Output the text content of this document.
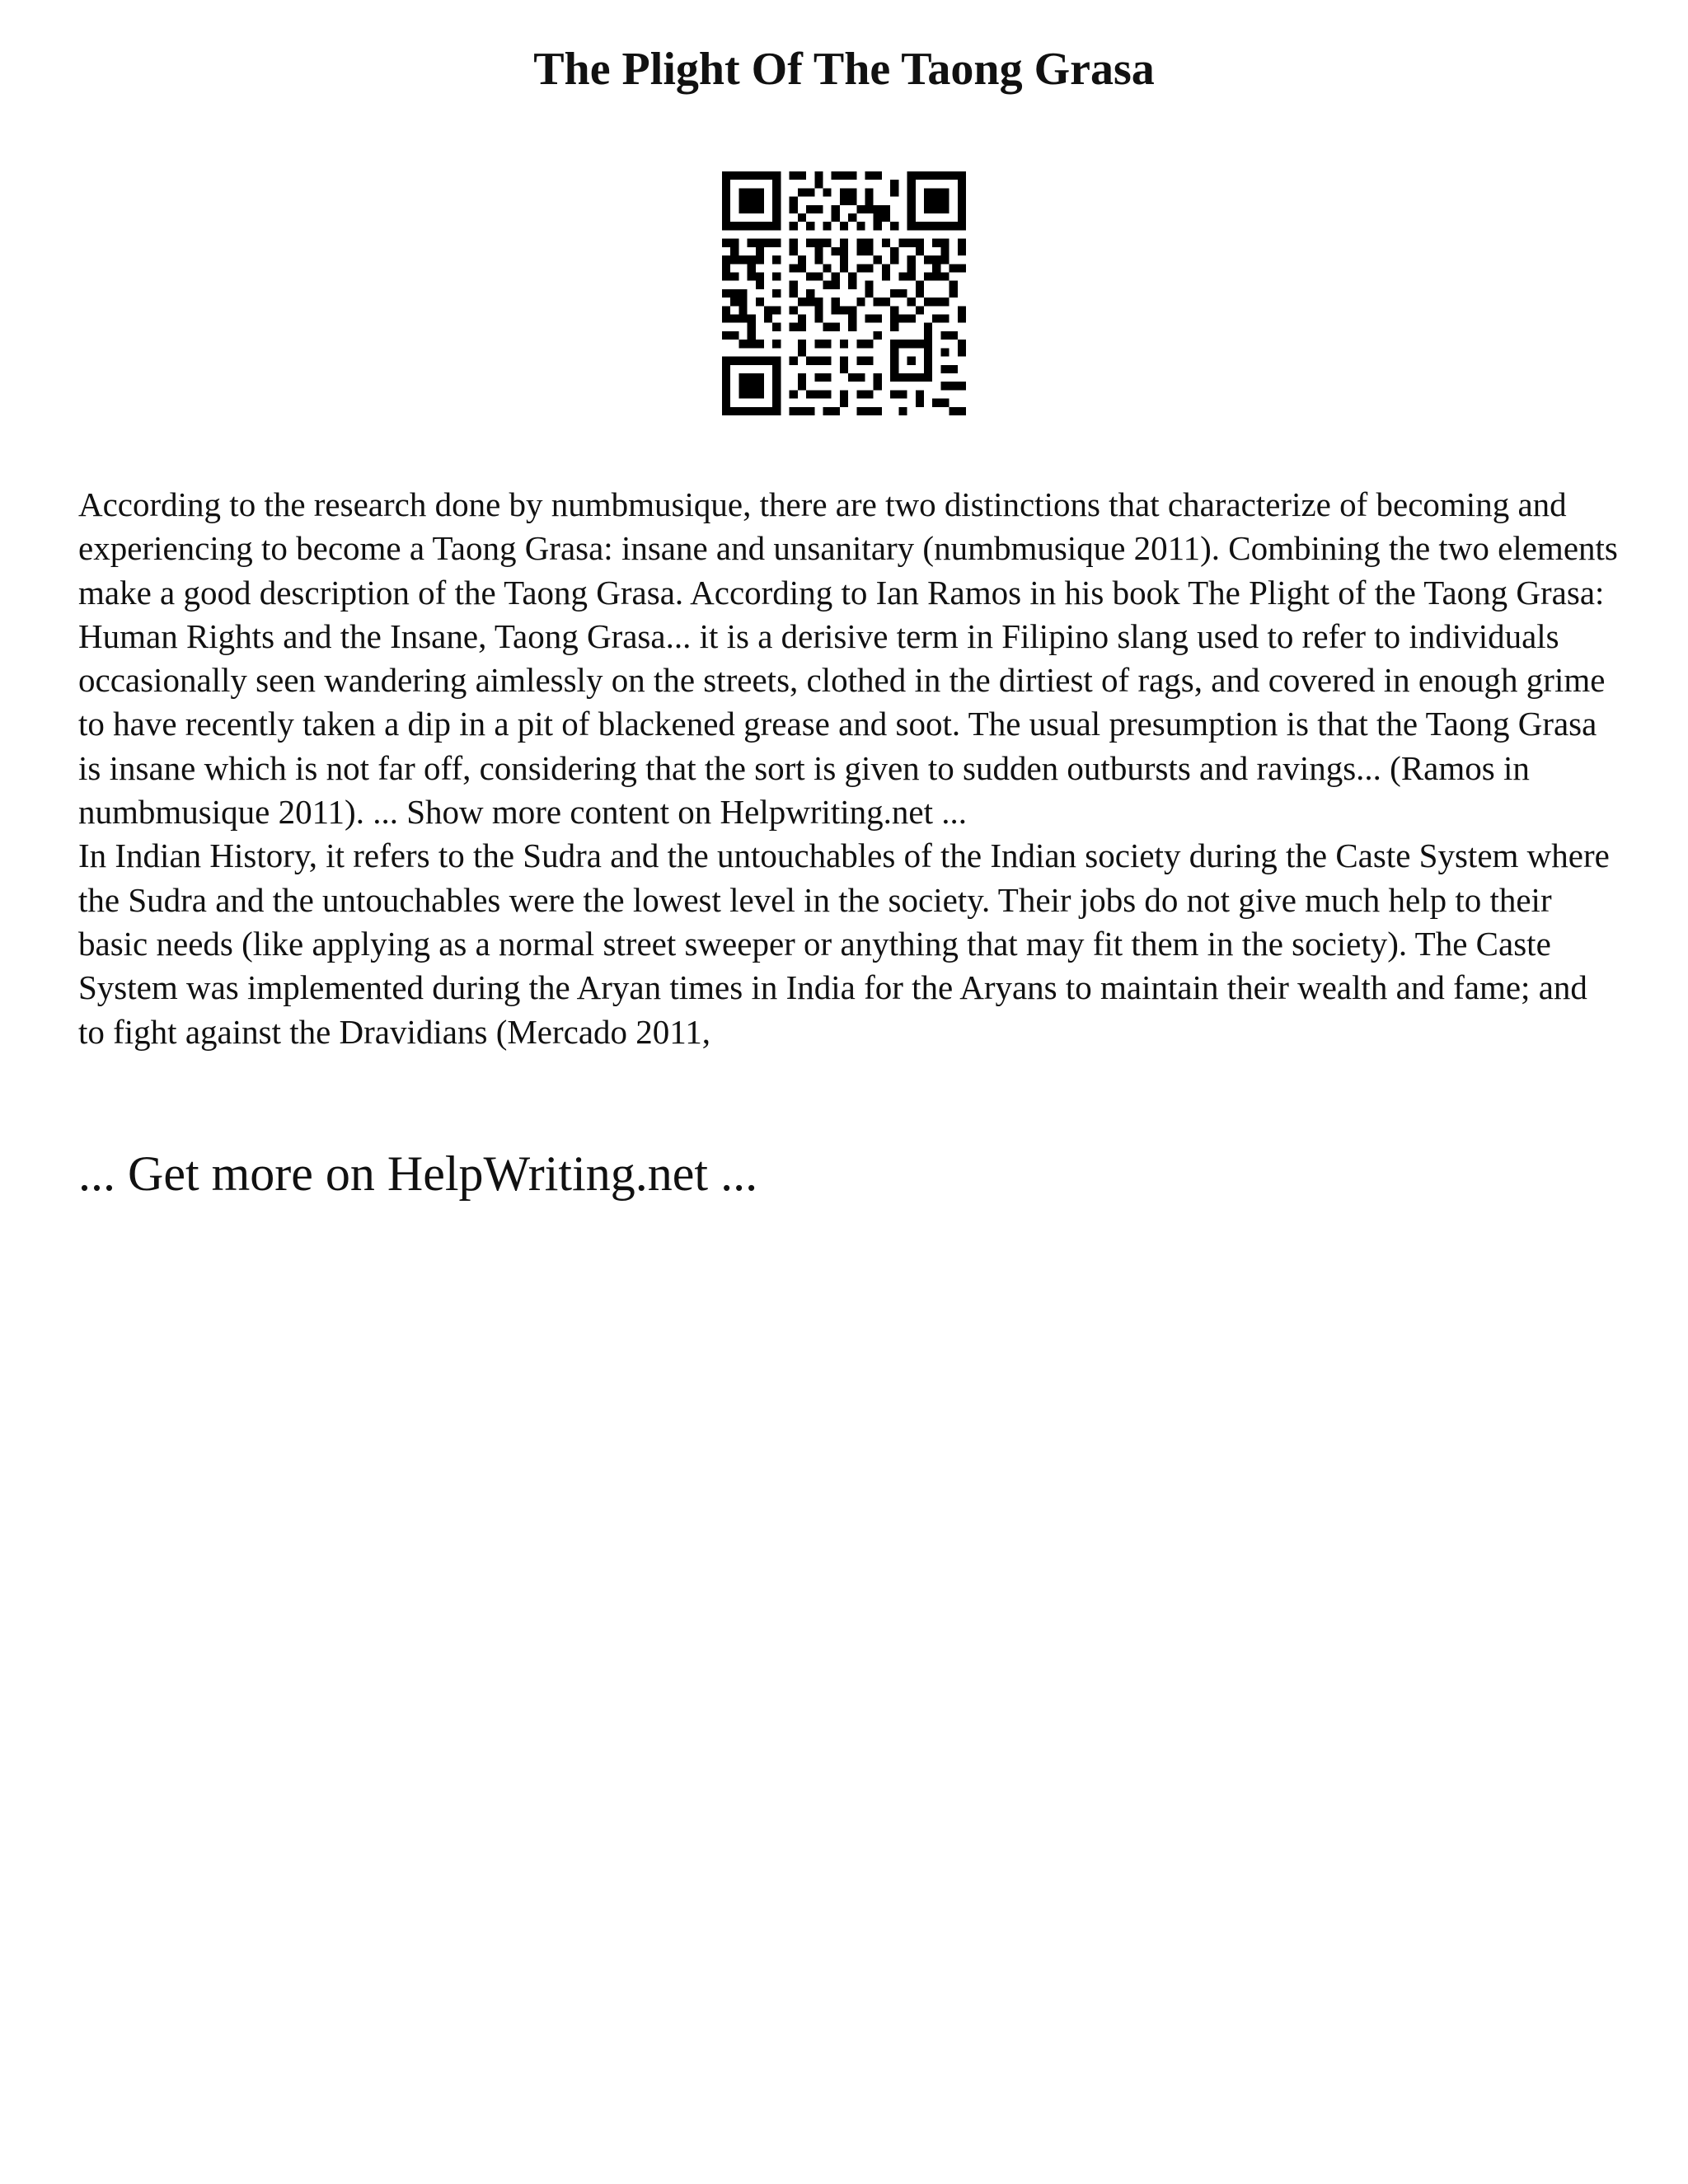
The Plight Of The Taong Grasa

According to the research done by numbmusique, there are two distinctions that characterize of becoming and experiencing to become a Taong Grasa: insane and unsanitary (numbmusique 2011). Combining the two elements make a good description of the Taong Grasa. According to Ian Ramos in his book The Plight of the Taong Grasa: Human Rights and the Insane, Taong Grasa... it is a derisive term in Filipino slang used to refer to individuals occasionally seen wandering aimlessly on the streets, clothed in the dirtiest of rags, and covered in enough grime to have recently taken a dip in a pit of blackened grease and soot. The usual presumption is that the Taong Grasa is insane which is not far off, considering that the sort is given to sudden outbursts and ravings... (Ramos in numbmusique 2011). ... Show more content on Helpwriting.net ...

In Indian History, it refers to the Sudra and the untouchables of the Indian society during the Caste System where the Sudra and the untouchables were the lowest level in the society. Their jobs do not give much help to their basic needs (like applying as a normal street sweeper or anything that may fit them in the society). The Caste System was implemented during the Aryan times in India for the Aryans to maintain their wealth and fame; and to fight against the Dravidians (Mercado 2011,

... Get more on HelpWriting.net ...
